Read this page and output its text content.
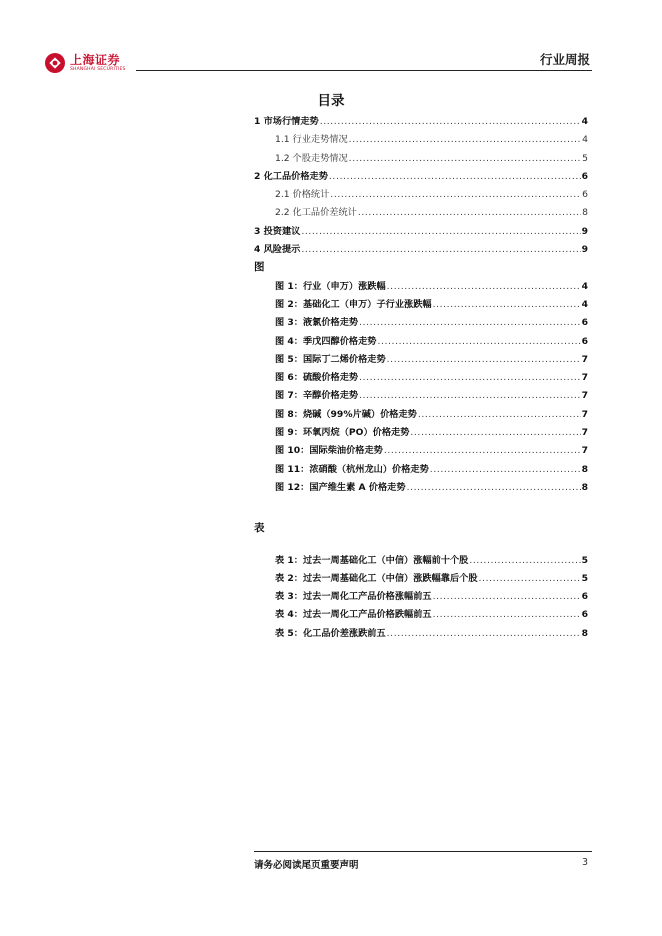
上海证券
SHANGHAI SECURITIES
行业周报
目录
1 市场行情走势 .....	4
1.1 行业走势情况 .....	4
1.2 个股走势情况 .....	5
2 化工品价格走势 .....	6
2.1 价格统计 .....	6
2.2 化工品价差统计 .....	8
3 投资建议 .....	9
4 风险提示 .....	9
图
图 1：行业（申万）涨跌幅 .....	4
图 2：基础化工（申万）子行业涨跌幅 .....	4
图 3：液氯价格走势 .....	6
图 4：季戊四醇价格走势 .....	6
图 5：国际丁二烯价格走势 .....	7
图 6：硫酸价格走势 .....	7
图 7：辛醇价格走势 .....	7
图 8：烧碱（99%片碱）价格走势 .....	7
图 9：环氧丙烷（PO）价格走势 .....	7
图 10：国际柴油价格走势 .....	7
图 11：浓硝酸（杭州龙山）价格走势 .....	8
图 12：国产维生素 A 价格走势 .....	8
表
表 1：过去一周基础化工（中信）涨幅前十个股 .....	5
表 2：过去一周基础化工（中信）涨跌幅靠后个股 .....	5
表 3：过去一周化工产品价格涨幅前五 .....	6
表 4：过去一周化工产品价格跌幅前五 .....	6
表 5：化工品价差涨跌前五 .....	8
请务必阅读尾页重要声明	3
